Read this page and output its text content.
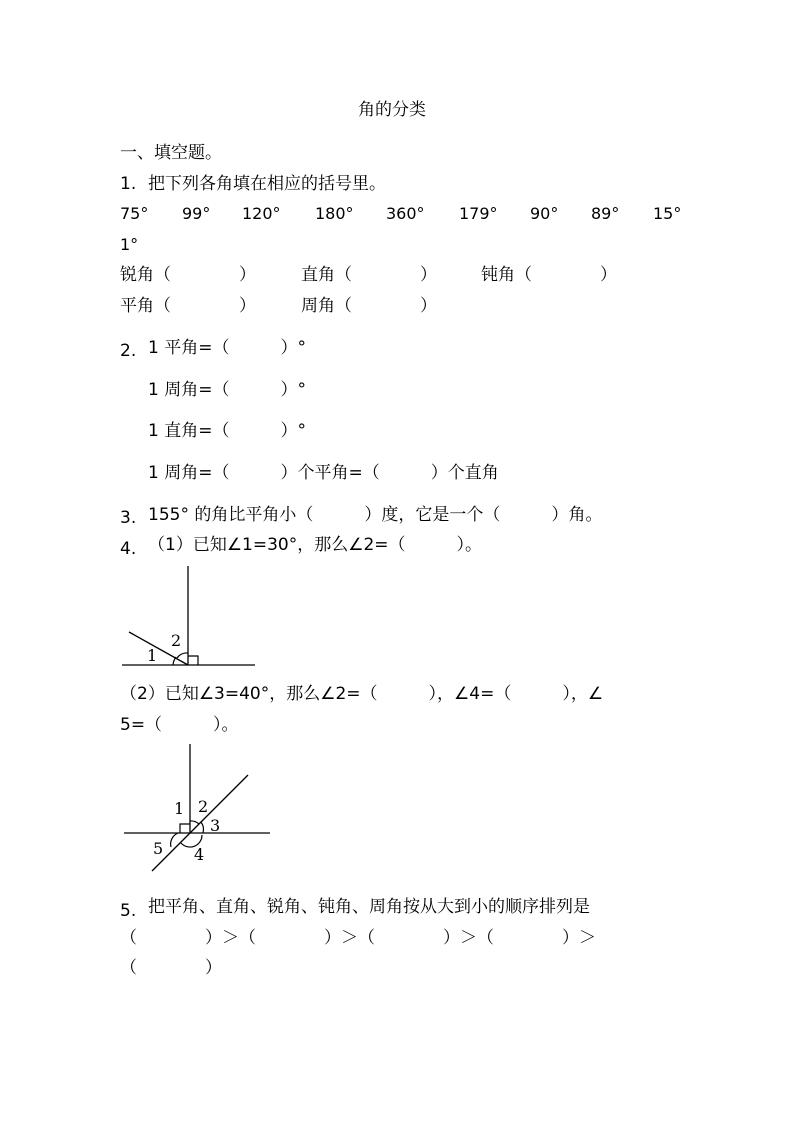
角的分类
一、填空题。
1. 把下列各角填在相应的括号里。
75° 99° 120° 180° 360° 179° 90° 89° 15°
1°
锐角（　　　　）	直角（　　　　）	钝角（　　　　）
平角（　　　　）	周角（　　　　）
2. 1 平角=（　　　）°
1 周角=（　　　）°
1 直角=（　　　）°
1 周角=（　　　）个平角=（　　　）个直角
3. 155° 的角比平角小（　　　）度，它是一个（　　　）角。
4. （1）已知∠1=30°，那么∠2=（　　　）。
1
2
（2）已知∠3=40°，那么∠2=（　　　），∠4=（　　　），∠
5=（　　　）。
1 2
3
4
5
5. 把平角、直角、锐角、钝角、周角按从大到小的顺序排列是
（　　　　）＞（　　　　）＞（　　　　）＞（　　　　）＞
（　　　　）
